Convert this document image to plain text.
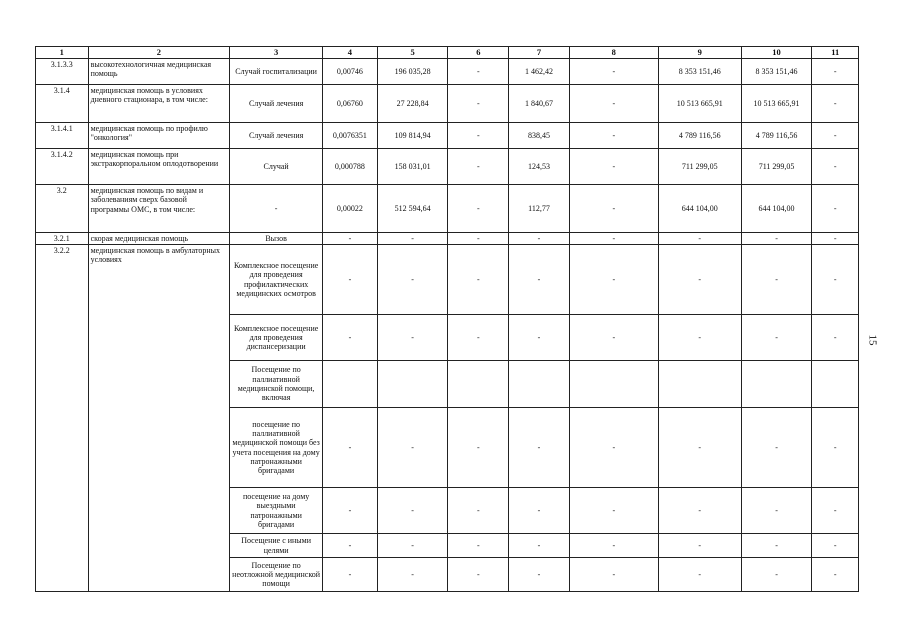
1	2	3	4	5	6	7	8	9	10	11
3.1.3.3	высокотехнологичная медицинская помощь	Случай госпитализации	0,00746	196 035,28	-	1 462,42	-	8 353 151,46	8 353 151,46	-
3.1.4	медицинская помощь в условиях дневного стационара, в том числе:	Случай лечения	0,06760	27 228,84	-	1 840,67	-	10 513 665,91	10 513 665,91	-
3.1.4.1	медицинская помощь по профилю "онкология"	Случай лечения	0,0076351	109 814,94	-	838,45	-	4 789 116,56	4 789 116,56	-
3.1.4.2	медицинская помощь при экстракорпоральном оплодотворении	Случай	0,000788	158 031,01	-	124,53	-	711 299,05	711 299,05	-
3.2	медицинская помощь по видам и заболеваниям сверх базовой программы ОМС, в том числе:	-	0,00022	512 594,64	-	112,77	-	644 104,00	644 104,00	-
3.2.1	скорая медицинская помощь	Вызов	-	-	-	-	-	-	-	-
3.2.2	медицинская помощь в амбулаторных условиях	Комплексное посещение для проведения профилактических медицинских осмотров	-	-	-	-	-	-	-	-
		Комплексное посещение для проведения диспансеризации	-	-	-	-	-	-	-	-
		Посещение по паллиативной медицинской помощи, включая								
		посещение по паллиативной медицинской помощи без учета посещения на дому патронажными бригадами	-	-	-	-	-	-	-	-
		посещение на дому выездными патронажными бригадами	-	-	-	-	-	-	-	-
		Посещение с иными целями	-	-	-	-	-	-	-	-
		Посещение по неотложной медицинской помощи	-	-	-	-	-	-	-	-
15
